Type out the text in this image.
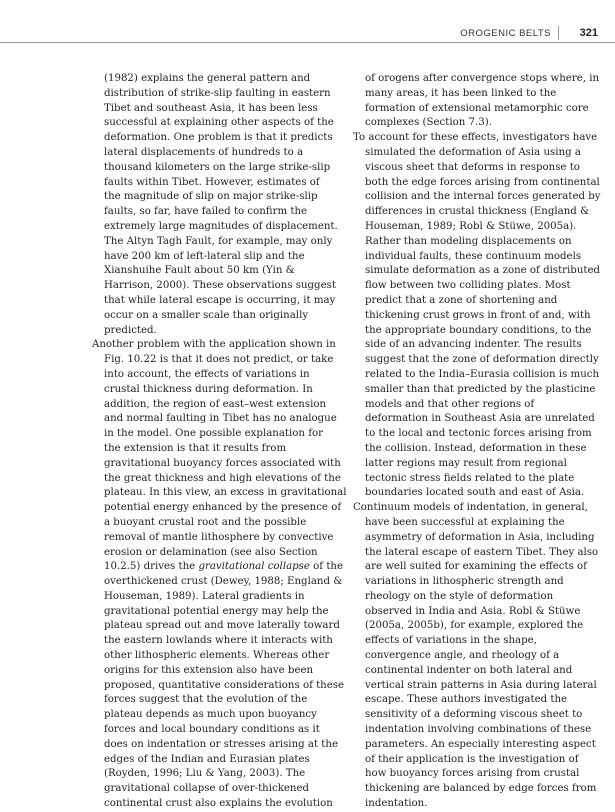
OROGENIC BELTS	321
(1982) explains the general pattern and
distribution of strike-slip faulting in eastern
Tibet and southeast Asia, it has been less
successful at explaining other aspects of the
deformation. One problem is that it predicts
lateral displacements of hundreds to a
thousand kilometers on the large strike-slip
faults within Tibet. However, estimates of
the magnitude of slip on major strike-slip
faults, so far, have failed to confirm the
extremely large magnitudes of displacement.
The Altyn Tagh Fault, for example, may only
have 200 km of left-lateral slip and the
Xianshuihe Fault about 50 km (Yin &
Harrison, 2000). These observations suggest
that while lateral escape is occurring, it may
occur on a smaller scale than originally
predicted.
Another problem with the application shown in
Fig. 10.22 is that it does not predict, or take
into account, the effects of variations in
crustal thickness during deformation. In
addition, the region of east–west extension
and normal faulting in Tibet has no analogue
in the model. One possible explanation for
the extension is that it results from
gravitational buoyancy forces associated with
the great thickness and high elevations of the
plateau. In this view, an excess in gravitational
potential energy enhanced by the presence of
a buoyant crustal root and the possible
removal of mantle lithosphere by convective
erosion or delamination (see also Section
10.2.5) drives the gravitational collapse of the
overthickened crust (Dewey, 1988; England &
Houseman, 1989). Lateral gradients in
gravitational potential energy may help the
plateau spread out and move laterally toward
the eastern lowlands where it interacts with
other lithospheric elements. Whereas other
origins for this extension also have been
proposed, quantitative considerations of these
forces suggest that the evolution of the
plateau depends as much upon buoyancy
forces and local boundary conditions as it
does on indentation or stresses arising at the
edges of the Indian and Eurasian plates
(Royden, 1996; Liu & Yang, 2003). The
gravitational collapse of over-thickened
continental crust also explains the evolution
of orogens after convergence stops where, in
many areas, it has been linked to the
formation of extensional metamorphic core
complexes (Section 7.3).
To account for these effects, investigators have
simulated the deformation of Asia using a
viscous sheet that deforms in response to
both the edge forces arising from continental
collision and the internal forces generated by
differences in crustal thickness (England &
Houseman, 1989; Robl & Stüwe, 2005a).
Rather than modeling displacements on
individual faults, these continuum models
simulate deformation as a zone of distributed
flow between two colliding plates. Most
predict that a zone of shortening and
thickening crust grows in front of and, with
the appropriate boundary conditions, to the
side of an advancing indenter. The results
suggest that the zone of deformation directly
related to the India–Eurasia collision is much
smaller than that predicted by the plasticine
models and that other regions of
deformation in Southeast Asia are unrelated
to the local and tectonic forces arising from
the collision. Instead, deformation in these
latter regions may result from regional
tectonic stress fields related to the plate
boundaries located south and east of Asia.
Continuum models of indentation, in general,
have been successful at explaining the
asymmetry of deformation in Asia, including
the lateral escape of eastern Tibet. They also
are well suited for examining the effects of
variations in lithospheric strength and
rheology on the style of deformation
observed in India and Asia. Robl & Stüwe
(2005a, 2005b), for example, explored the
effects of variations in the shape,
convergence angle, and rheology of a
continental indenter on both lateral and
vertical strain patterns in Asia during lateral
escape. These authors investigated the
sensitivity of a deforming viscous sheet to
indentation involving combinations of these
parameters. An especially interesting aspect
of their application is the investigation of
how buoyancy forces arising from crustal
thickening are balanced by edge forces from
indentation.
